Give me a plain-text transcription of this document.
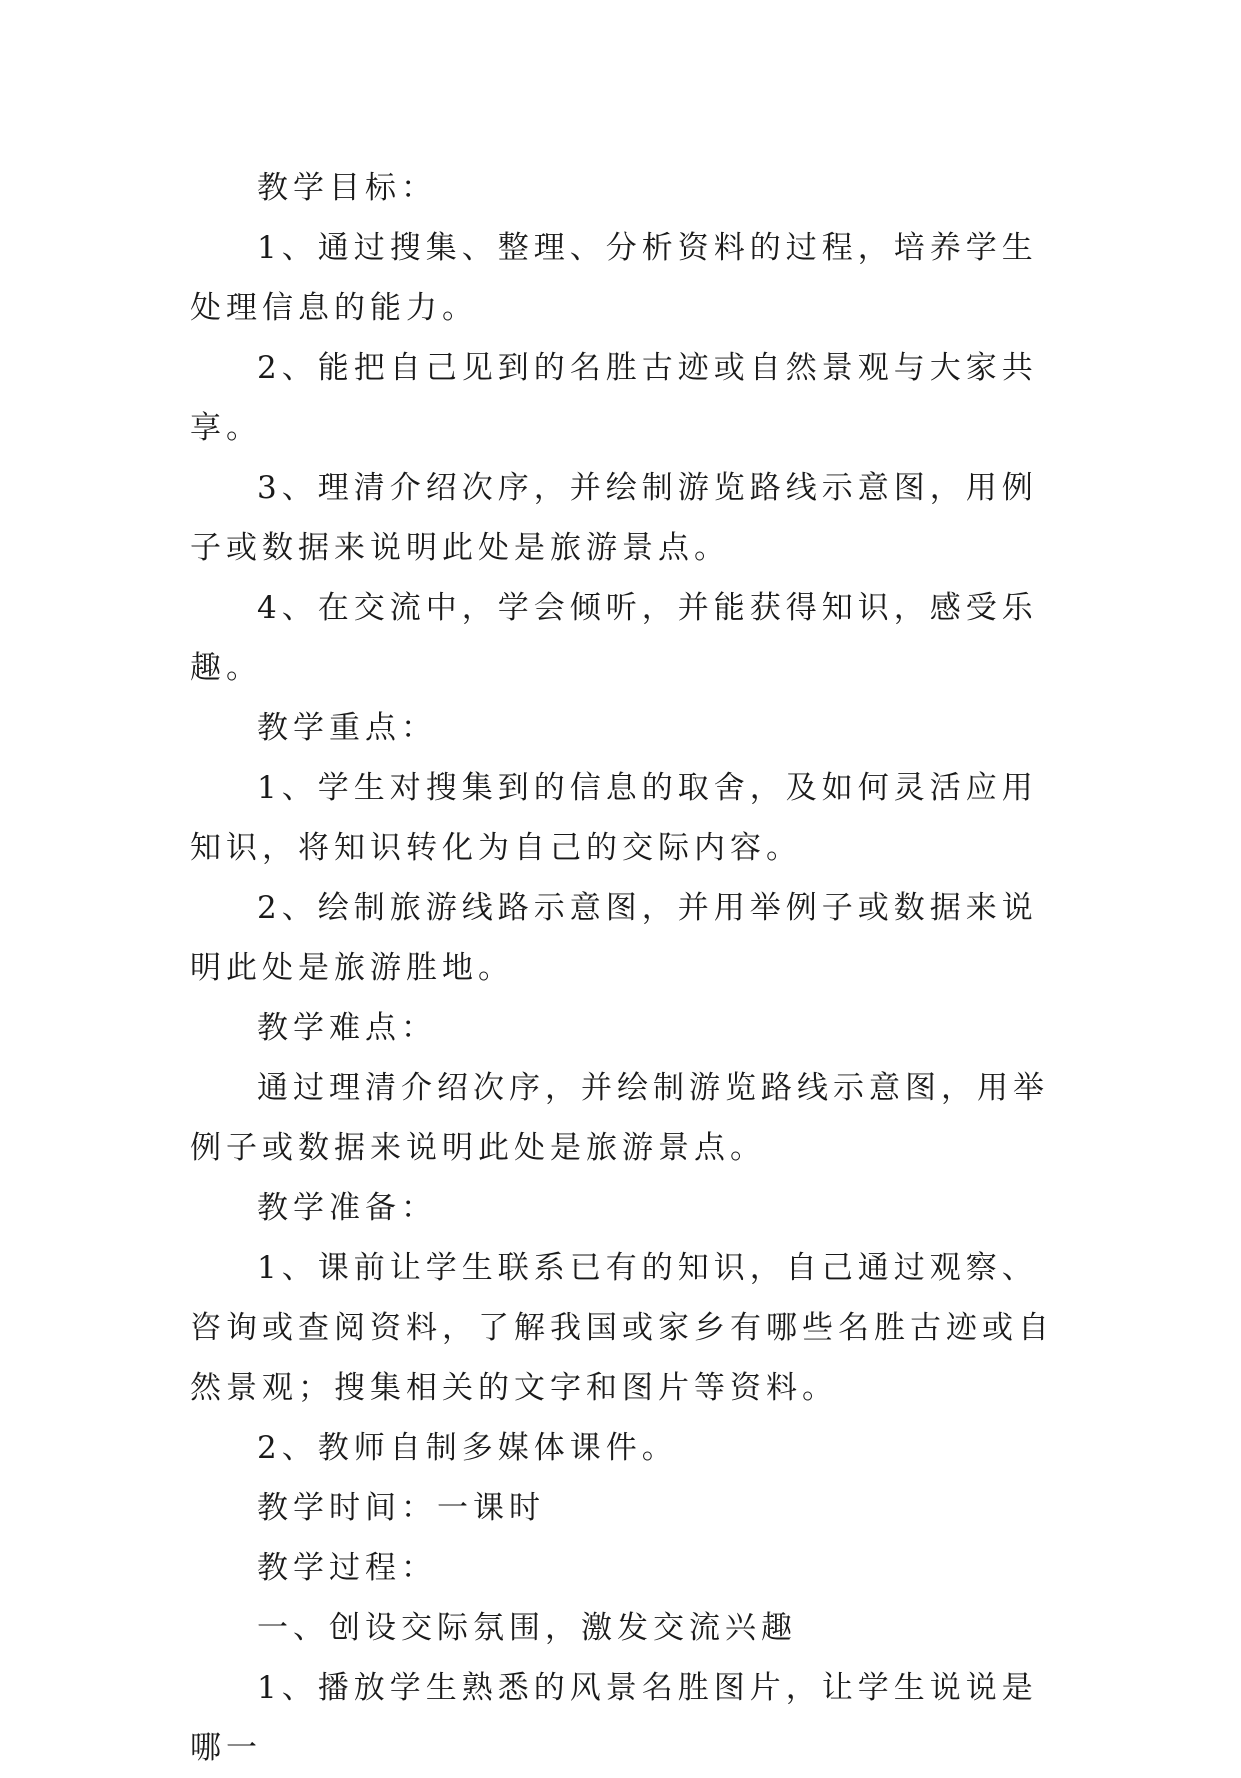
教学目标：

1、通过搜集、整理、分析资料的过程，培养学生处理信息的能力。

2、能把自己见到的名胜古迹或自然景观与大家共享。

3、理清介绍次序，并绘制游览路线示意图，用例子或数据来说明此处是旅游景点。

4、在交流中，学会倾听，并能获得知识，感受乐趣。

教学重点：

1、学生对搜集到的信息的取舍，及如何灵活应用知识，将知识转化为自己的交际内容。

2、绘制旅游线路示意图，并用举例子或数据来说明此处是旅游胜地。

教学难点：

通过理清介绍次序，并绘制游览路线示意图，用举例子或数据来说明此处是旅游景点。

教学准备：

1、课前让学生联系已有的知识，自己通过观察、咨询或查阅资料，了解我国或家乡有哪些名胜古迹或自然景观；搜集相关的文字和图片等资料。

2、教师自制多媒体课件。

教学时间：一课时

教学过程：

一、创设交际氛围，激发交流兴趣

1、播放学生熟悉的风景名胜图片，让学生说说是哪一
